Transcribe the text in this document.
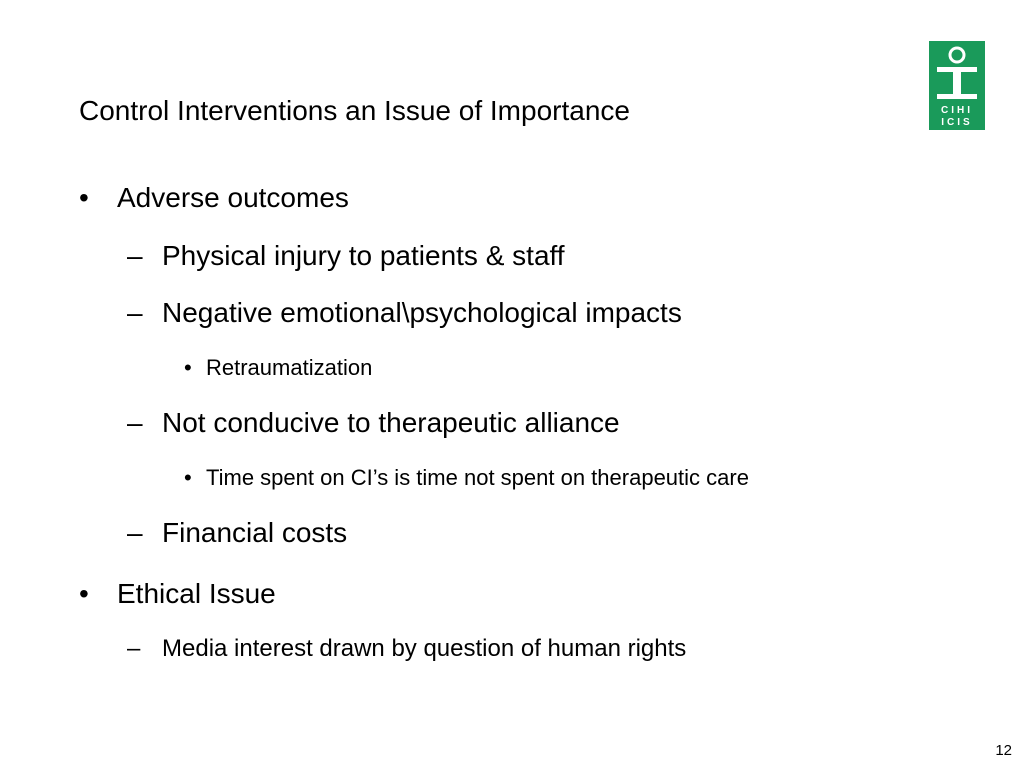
Control Interventions an Issue of Importance	CIHI
ICIS
• Adverse outcomes
– Physical injury to patients & staff
– Negative emotional\psychological impacts
• Retraumatization
– Not conducive to therapeutic alliance
• Time spent on CI’s is time not spent on therapeutic care
– Financial costs
• Ethical Issue
– Media interest drawn by question of human rights
12
